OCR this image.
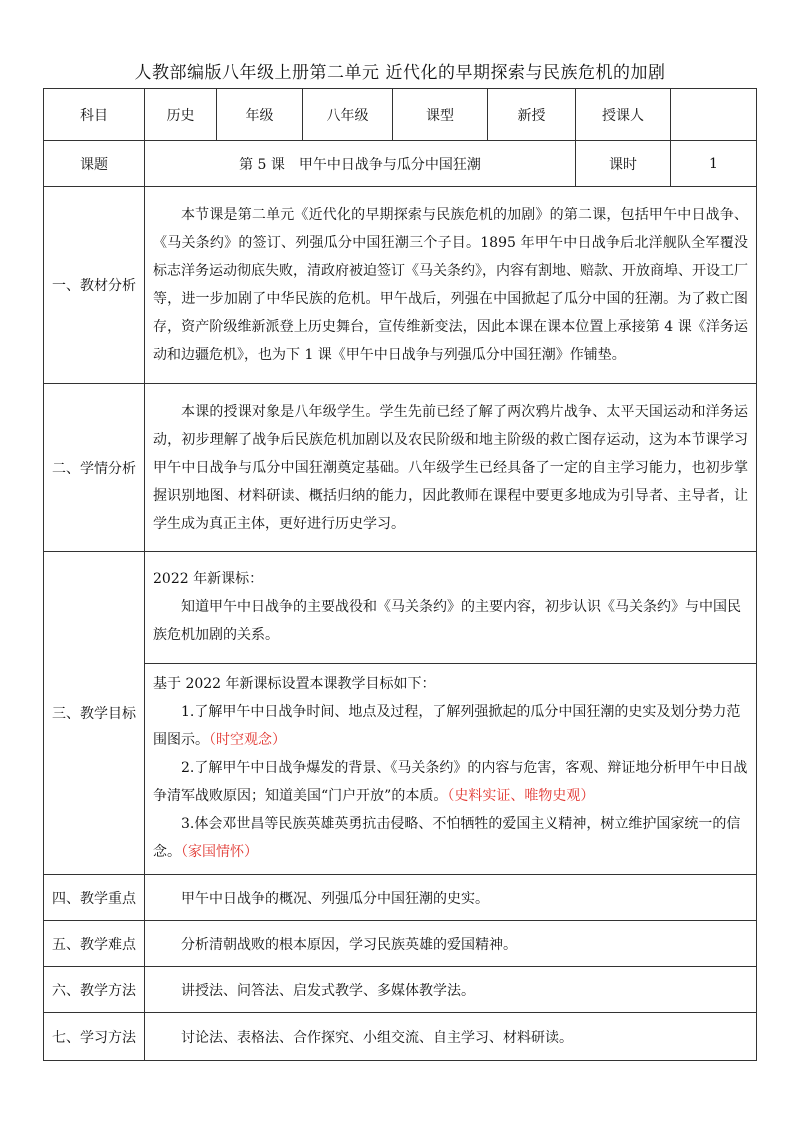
人教部编版八年级上册第二单元 近代化的早期探索与民族危机的加剧
科目	历史	年级	八年级	课型	新授	授课人	
课题	第 5 课　甲午中日战争与瓜分中国狂潮					课时	1
一、教材分析	本节课是第二单元《近代化的早期探索与民族危机的加剧》的第二课，包括甲午中日战争、《马关条约》的签订、列强瓜分中国狂潮三个子目。1895 年甲午中日战争后北洋舰队全军覆没标志洋务运动彻底失败，清政府被迫签订《马关条约》，内容有割地、赔款、开放商埠、开设工厂等，进一步加剧了中华民族的危机。甲午战后，列强在中国掀起了瓜分中国的狂潮。为了救亡图存，资产阶级维新派登上历史舞台，宣传维新变法，因此本课在课本位置上承接第 4 课《洋务运动和边疆危机》，也为下 1 课《甲午中日战争与列强瓜分中国狂潮》作铺垫。						

二、学情分析	本课的授课对象是八年级学生。学生先前已经了解了两次鸦片战争、太平天国运动和洋务运动，初步理解了战争后民族危机加剧以及农民阶级和地主阶级的救亡图存运动，这为本节课学习甲午中日战争与瓜分中国狂潮奠定基础。八年级学生已经具备了一定的自主学习能力，也初步掌握识别地图、材料研读、概括归纳的能力，因此教师在课程中要更多地成为引导者、主导者，让学生成为真正主体，更好进行历史学习。						

三、教学目标	2022 年新课标：
知道甲午中日战争的主要战役和《马关条约》的主要内容，初步认识《马关条约》与中国民族危机加剧的关系。						

	基于 2022 年新课标设置本课教学目标如下：
1.了解甲午中日战争时间、地点及过程，了解列强掀起的瓜分中国狂潮的史实及划分势力范围图示。（时空观念）
2.了解甲午中日战争爆发的背景、《马关条约》的内容与危害，客观、辩证地分析甲午中日战争清军战败原因；知道美国“门户开放”的本质。（史料实证、唯物史观）
3.体会邓世昌等民族英雄英勇抗击侵略、不怕牺牲的爱国主义精神，树立维护国家统一的信念。（家国情怀）						

四、教学重点	甲午中日战争的概况、列强瓜分中国狂潮的史实。						

五、教学难点	分析清朝战败的根本原因，学习民族英雄的爱国精神。						

六、教学方法	讲授法、问答法、启发式教学、多媒体教学法。						

七、学习方法	讨论法、表格法、合作探究、小组交流、自主学习、材料研读。						
